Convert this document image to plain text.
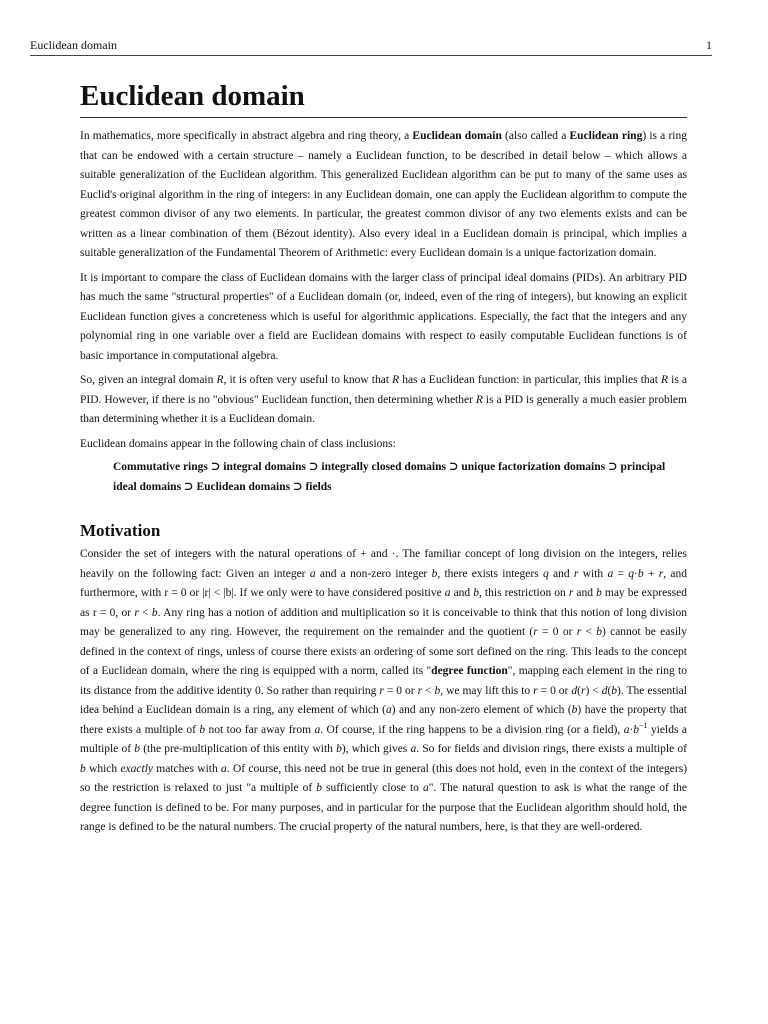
Euclidean domain	1
Euclidean domain

In mathematics, more specifically in abstract algebra and ring theory, a Euclidean domain (also called a Euclidean ring) is a ring that can be endowed with a certain structure – namely a Euclidean function, to be described in detail below – which allows a suitable generalization of the Euclidean algorithm. This generalized Euclidean algorithm can be put to many of the same uses as Euclid's original algorithm in the ring of integers: in any Euclidean domain, one can apply the Euclidean algorithm to compute the greatest common divisor of any two elements. In particular, the greatest common divisor of any two elements exists and can be written as a linear combination of them (Bézout identity). Also every ideal in a Euclidean domain is principal, which implies a suitable generalization of the Fundamental Theorem of Arithmetic: every Euclidean domain is a unique factorization domain.

It is important to compare the class of Euclidean domains with the larger class of principal ideal domains (PIDs). An arbitrary PID has much the same "structural properties" of a Euclidean domain (or, indeed, even of the ring of integers), but knowing an explicit Euclidean function gives a concreteness which is useful for algorithmic applications. Especially, the fact that the integers and any polynomial ring in one variable over a field are Euclidean domains with respect to easily computable Euclidean functions is of basic importance in computational algebra.

So, given an integral domain R, it is often very useful to know that R has a Euclidean function: in particular, this implies that R is a PID. However, if there is no "obvious" Euclidean function, then determining whether R is a PID is generally a much easier problem than determining whether it is a Euclidean domain.

Euclidean domains appear in the following chain of class inclusions:

Commutative rings ⊃ integral domains ⊃ integrally closed domains ⊃ unique factorization domains ⊃ principal ideal domains ⊃ Euclidean domains ⊃ fields
Motivation

Consider the set of integers with the natural operations of + and ·. The familiar concept of long division on the integers, relies heavily on the following fact: Given an integer a and a non-zero integer b, there exists integers q and r with a = q·b + r, and furthermore, with r = 0 or |r| < |b|. If we only were to have considered positive a and b, this restriction on r and b may be expressed as r = 0, or r < b. Any ring has a notion of addition and multiplication so it is conceivable to think that this notion of long division may be generalized to any ring. However, the requirement on the remainder and the quotient (r = 0 or r < b) cannot be easily defined in the context of rings, unless of course there exists an ordering of some sort defined on the ring. This leads to the concept of a Euclidean domain, where the ring is equipped with a norm, called its "degree function", mapping each element in the ring to its distance from the additive identity 0. So rather than requiring r = 0 or r < b, we may lift this to r = 0 or d(r) < d(b). The essential idea behind a Euclidean domain is a ring, any element of which (a) and any non-zero element of which (b) have the property that there exists a multiple of b not too far away from a. Of course, if the ring happens to be a division ring (or a field), $a\cdot b^{-1}$ yields a multiple of b (the pre-multiplication of this entity with b), which gives a. So for fields and division rings, there exists a multiple of b which exactly matches with a. Of course, this need not be true in general (this does not hold, even in the context of the integers) so the restriction is relaxed to just "a multiple of b sufficiently close to a". The natural question to ask is what the range of the degree function is defined to be. For many purposes, and in particular for the purpose that the Euclidean algorithm should hold, the range is defined to be the natural numbers. The crucial property of the natural numbers, here, is that they are well-ordered.
